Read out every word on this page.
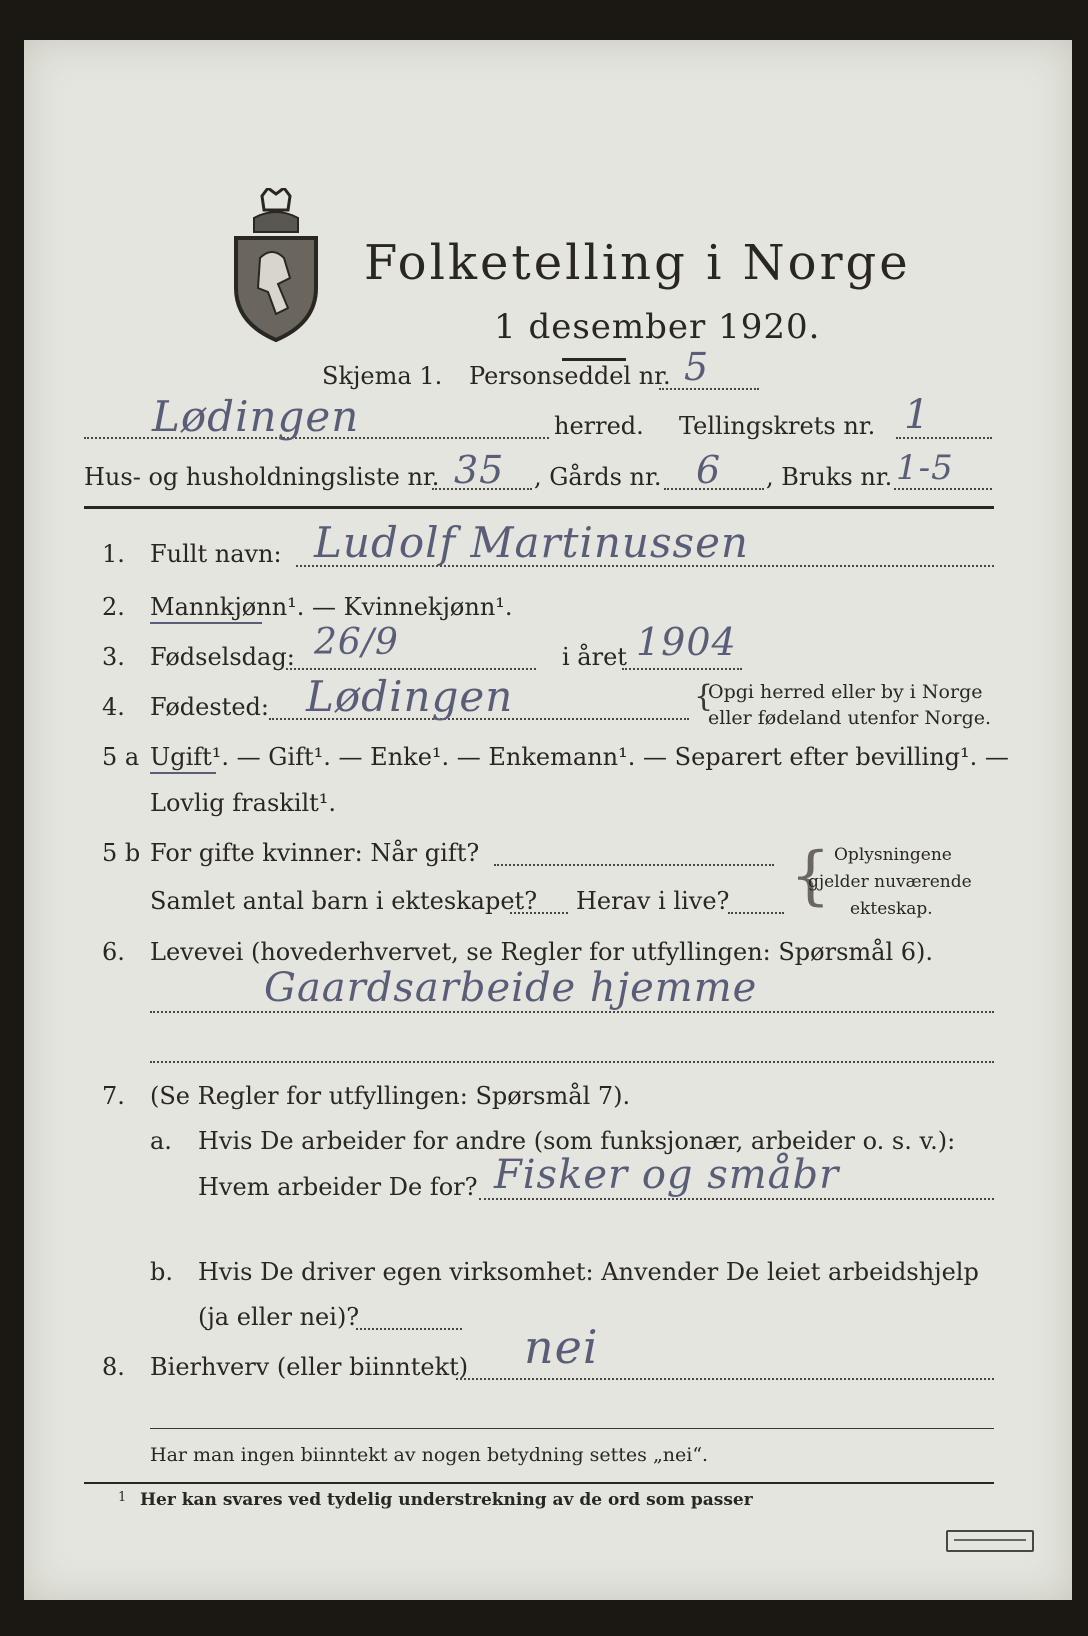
Folketelling i Norge
1 desember 1920.
Skjema 1. Personseddel nr. 5
Lødingen	herred. Tellingskrets nr. 1
Hus- og husholdningsliste nr. 35 , Gårds nr. 6 , Bruks nr. 1-5
1. Fullt navn: Ludolf Martinussen
2. Mannkjønn¹. — Kvinnekjønn¹.
3. Fødselsdag: 26/9	i året 1904
4. Fødested: Lødingen	{
Opgi herred eller by i Norge
eller fødeland utenfor Norge.
5 a Ugift¹. — Gift¹. — Enke¹. — Enkemann¹. — Separert efter bevilling¹. —
Lovlig fraskilt¹.
5 b For gifte kvinner: Når gift?
Samlet antal barn i ekteskapet? Herav i live? { Oplysningene
gjelder nuværende
ekteskap.
6. Levevei (hovederhvervet, se Regler for utfyllingen: Spørsmål 6).
Gaardsarbeide hjemme
7. (Se Regler for utfyllingen: Spørsmål 7).
a. Hvis De arbeider for andre (som funksjonær, arbeider o. s. v.):
Hvem arbeider De for? Fisker og småbr
b. Hvis De driver egen virksomhet: Anvender De leiet arbeidshjelp
(ja eller nei)?
8. Bierhverv (eller biinntekt) nei
Har man ingen biinntekt av nogen betydning settes „nei“.
1 Her kan svares ved tydelig understrekning av de ord som passer
